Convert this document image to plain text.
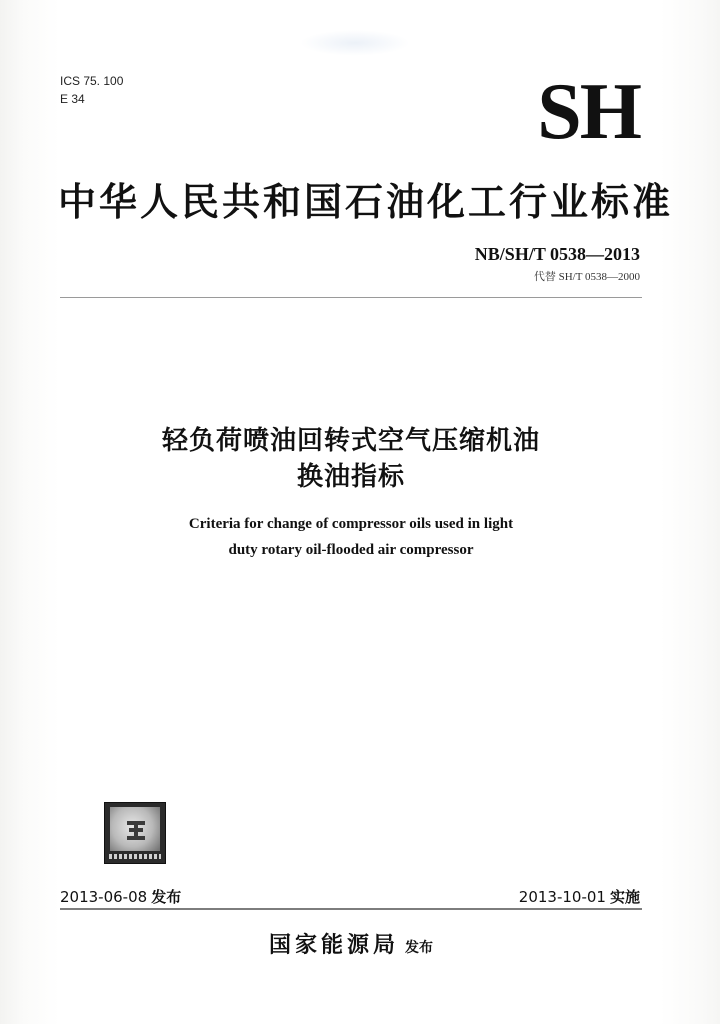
ICS 75. 100
E 34	SH
中华人民共和国石油化工行业标准
NB/SH/T 0538—2013
代替 SH/T 0538—2000
轻负荷喷油回转式空气压缩机油
换油指标
Criteria for change of compressor oils used in light
duty rotary oil-flooded air compressor
2013-06-08 发布	2013-10-01 实施
国家能源局 发布
